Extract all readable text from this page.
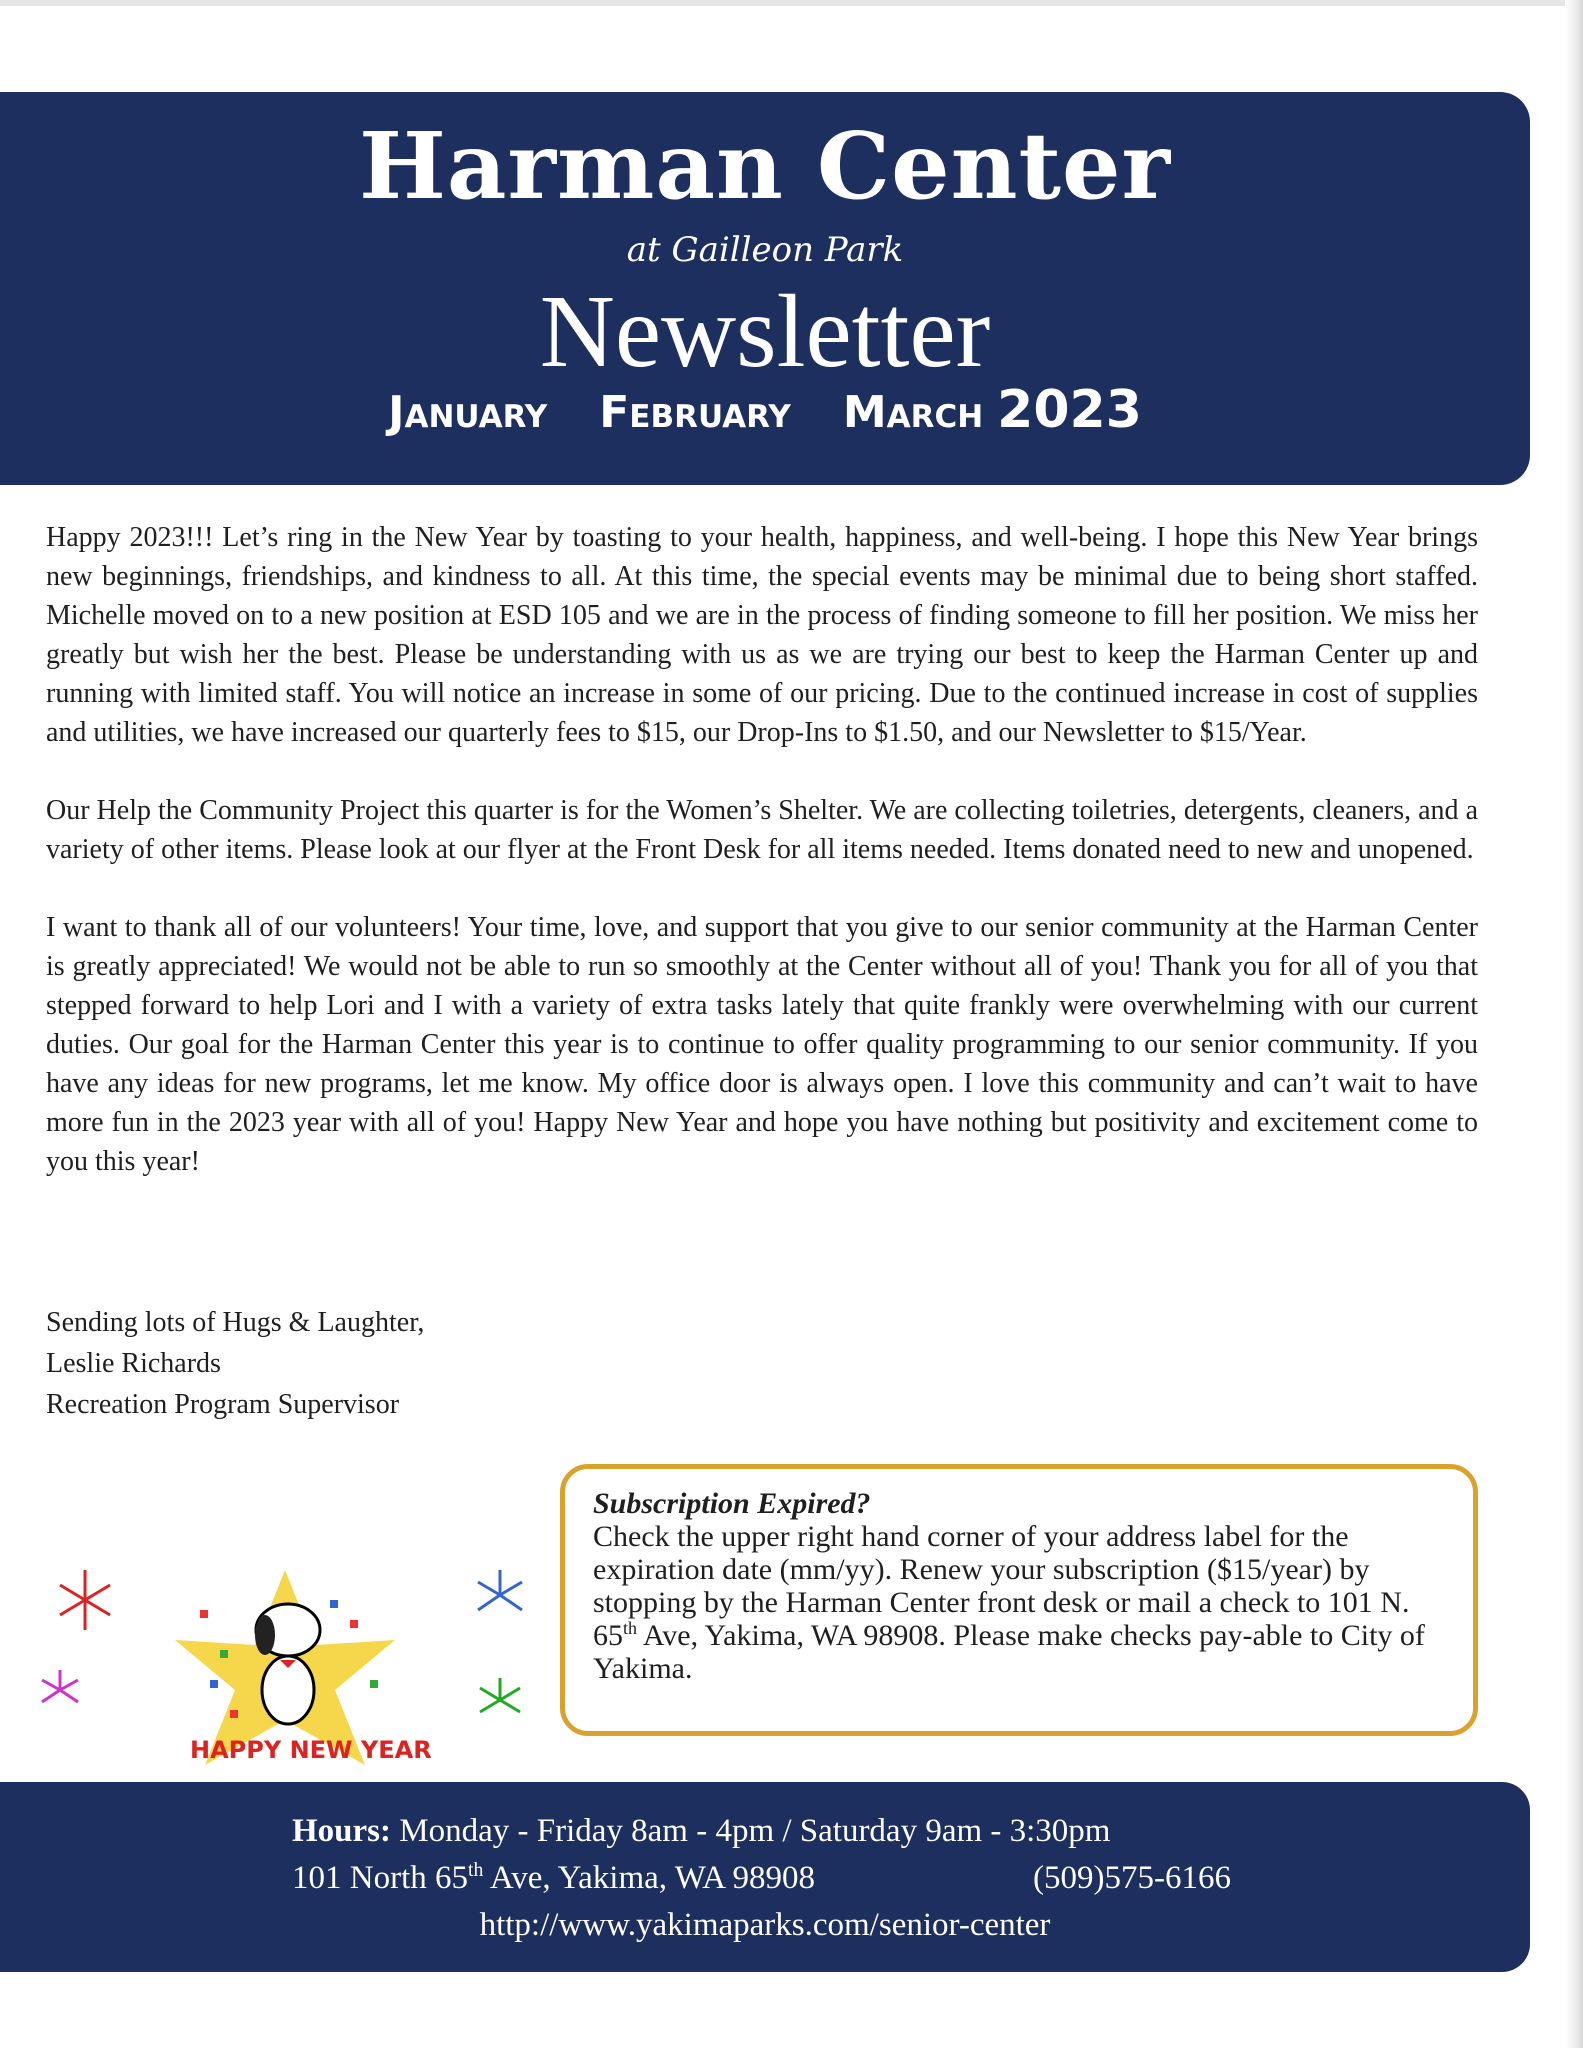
Harman Center
at Gailleon Park
Newsletter
January February March 2023

Happy 2023!!! Let’s ring in the New Year by toasting to your health, happiness, and well-being. I hope this New Year brings new beginnings, friendships, and kindness to all. At this time, the special events may be minimal due to being short staffed. Michelle moved on to a new position at ESD 105 and we are in the process of finding someone to fill her position. We miss her greatly but wish her the best. Please be understanding with us as we are trying our best to keep the Harman Center up and running with limited staff. You will notice an increase in some of our pricing. Due to the continued increase in cost of supplies and utilities, we have increased our quarterly fees to $15, our Drop-Ins to $1.50, and our Newsletter to $15/Year.

Our Help the Community Project this quarter is for the Women’s Shelter. We are collecting toiletries, detergents, cleaners, and a variety of other items. Please look at our flyer at the Front Desk for all items needed. Items donated need to new and unopened.

I want to thank all of our volunteers! Your time, love, and support that you give to our senior community at the Harman Center is greatly appreciated! We would not be able to run so smoothly at the Center without all of you! Thank you for all of you that stepped forward to help Lori and I with a variety of extra tasks lately that quite frankly were overwhelming with our current duties. Our goal for the Harman Center this year is to continue to offer quality programming to our senior community. If you have any ideas for new programs, let me know. My office door is always open. I love this community and can’t wait to have more fun in the 2023 year with all of you! Happy New Year and hope you have nothing but positivity and excitement come to you this year!

Sending lots of Hugs & Laughter,
Leslie Richards
Recreation Program Supervisor
HAPPY NEW YEAR
Subscription Expired?
Check the upper right hand corner of your address label for the expiration date (mm/yy). Renew your subscription ($15/year) by stopping by the Harman Center front desk or mail a check to 101 N. 65th Ave, Yakima, WA 98908. Please make checks pay-able to City of Yakima.
Hours: Monday - Friday 8am - 4pm / Saturday 9am - 3:30pm
101 North 65th Ave, Yakima, WA 98908	(509)575-6166
http://www.yakimaparks.com/senior-center
